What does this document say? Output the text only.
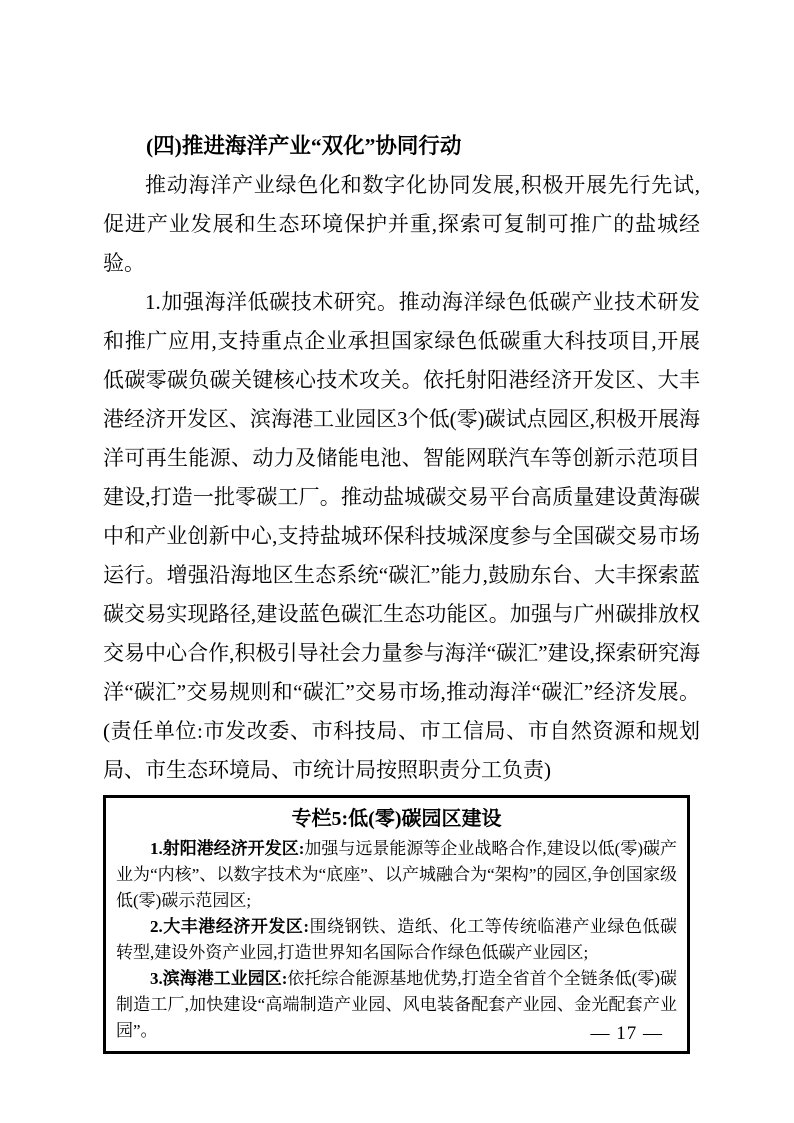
(四)推进海洋产业“双化”协同行动

推动海洋产业绿色化和数字化协同发展,积极开展先行先试,促进产业发展和生态环境保护并重,探索可复制可推广的盐城经验。

1.加强海洋低碳技术研究。推动海洋绿色低碳产业技术研发和推广应用,支持重点企业承担国家绿色低碳重大科技项目,开展低碳零碳负碳关键核心技术攻关。依托射阳港经济开发区、大丰港经济开发区、滨海港工业园区3个低(零)碳试点园区,积极开展海洋可再生能源、动力及储能电池、智能网联汽车等创新示范项目建设,打造一批零碳工厂。推动盐城碳交易平台高质量建设黄海碳中和产业创新中心,支持盐城环保科技城深度参与全国碳交易市场运行。增强沿海地区生态系统“碳汇”能力,鼓励东台、大丰探索蓝碳交易实现路径,建设蓝色碳汇生态功能区。加强与广州碳排放权交易中心合作,积极引导社会力量参与海洋“碳汇”建设,探索研究海洋“碳汇”交易规则和“碳汇”交易市场,推动海洋“碳汇”经济发展。(责任单位:市发改委、市科技局、市工信局、市自然资源和规划局、市生态环境局、市统计局按照职责分工负责)

专栏5:低(零)碳园区建设

1.射阳港经济开发区:加强与远景能源等企业战略合作,建设以低(零)碳产业为“内核”、以数字技术为“底座”、以产城融合为“架构”的园区,争创国家级低(零)碳示范园区;

2.大丰港经济开发区:围绕钢铁、造纸、化工等传统临港产业绿色低碳转型,建设外资产业园,打造世界知名国际合作绿色低碳产业园区;

3.滨海港工业园区:依托综合能源基地优势,打造全省首个全链条低(零)碳制造工厂,加快建设“高端制造产业园、风电装备配套产业园、金光配套产业园”。	— 17 —
